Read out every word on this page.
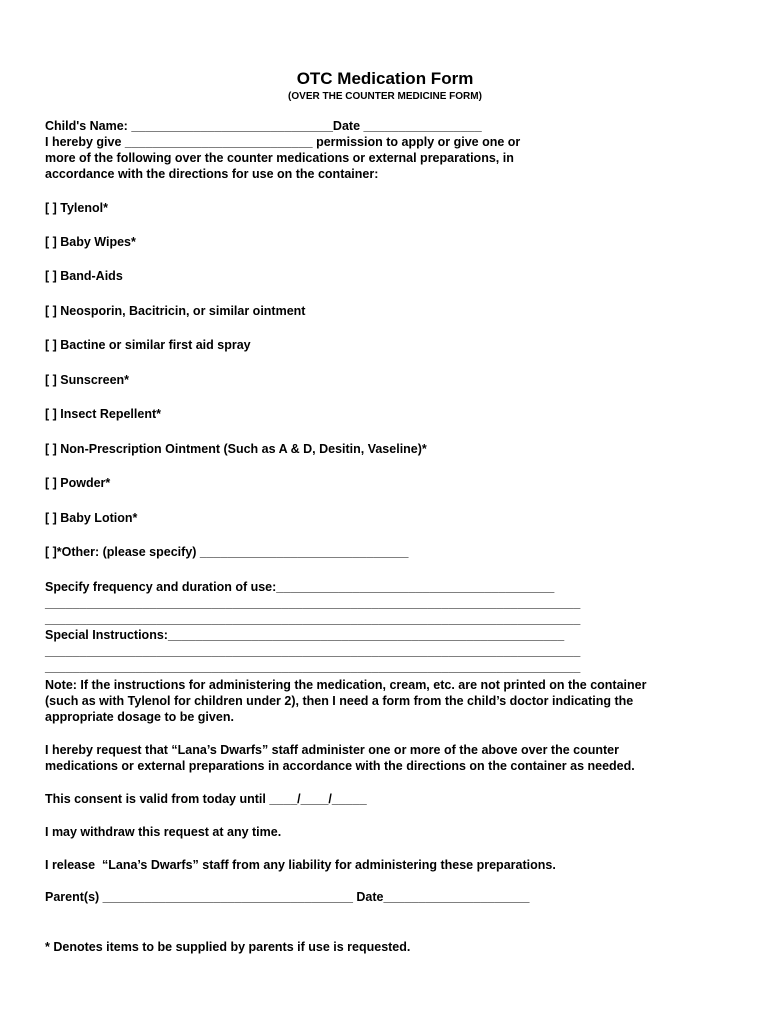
OTC Medication Form
(OVER THE COUNTER MEDICINE FORM)
Child's Name: _____________________________Date _________________
I hereby give ___________________________ permission to apply or give one or
more of the following over the counter medications or external preparations, in
accordance with the directions for use on the container:
[ ] Tylenol*
[ ] Baby Wipes*
[ ] Band-Aids
[ ] Neosporin, Bacitricin, or similar ointment
[ ] Bactine or similar first aid spray
[ ] Sunscreen*
[ ] Insect Repellent*
[ ] Non-Prescription Ointment (Such as A & D, Desitin, Vaseline)*
[ ] Powder*
[ ] Baby Lotion*
[ ]*Other: (please specify) ______________________________
Specify frequency and duration of use:________________________________________
_____________________________________________________________________________
_____________________________________________________________________________
Special Instructions:_________________________________________________________
_____________________________________________________________________________
_____________________________________________________________________________
Note: If the instructions for administering the medication, cream, etc. are not printed on the container
(such as with Tylenol for children under 2), then I need a form from the child’s doctor indicating the
appropriate dosage to be given.
I hereby request that “Lana’s Dwarfs” staff administer one or more of the above over the counter
medications or external preparations in accordance with the directions on the container as needed.
This consent is valid from today until ____/____/_____
I may withdraw this request at any time.
I release  “Lana’s Dwarfs” staff from any liability for administering these preparations.
Parent(s) ____________________________________ Date_____________________
* Denotes items to be supplied by parents if use is requested.
